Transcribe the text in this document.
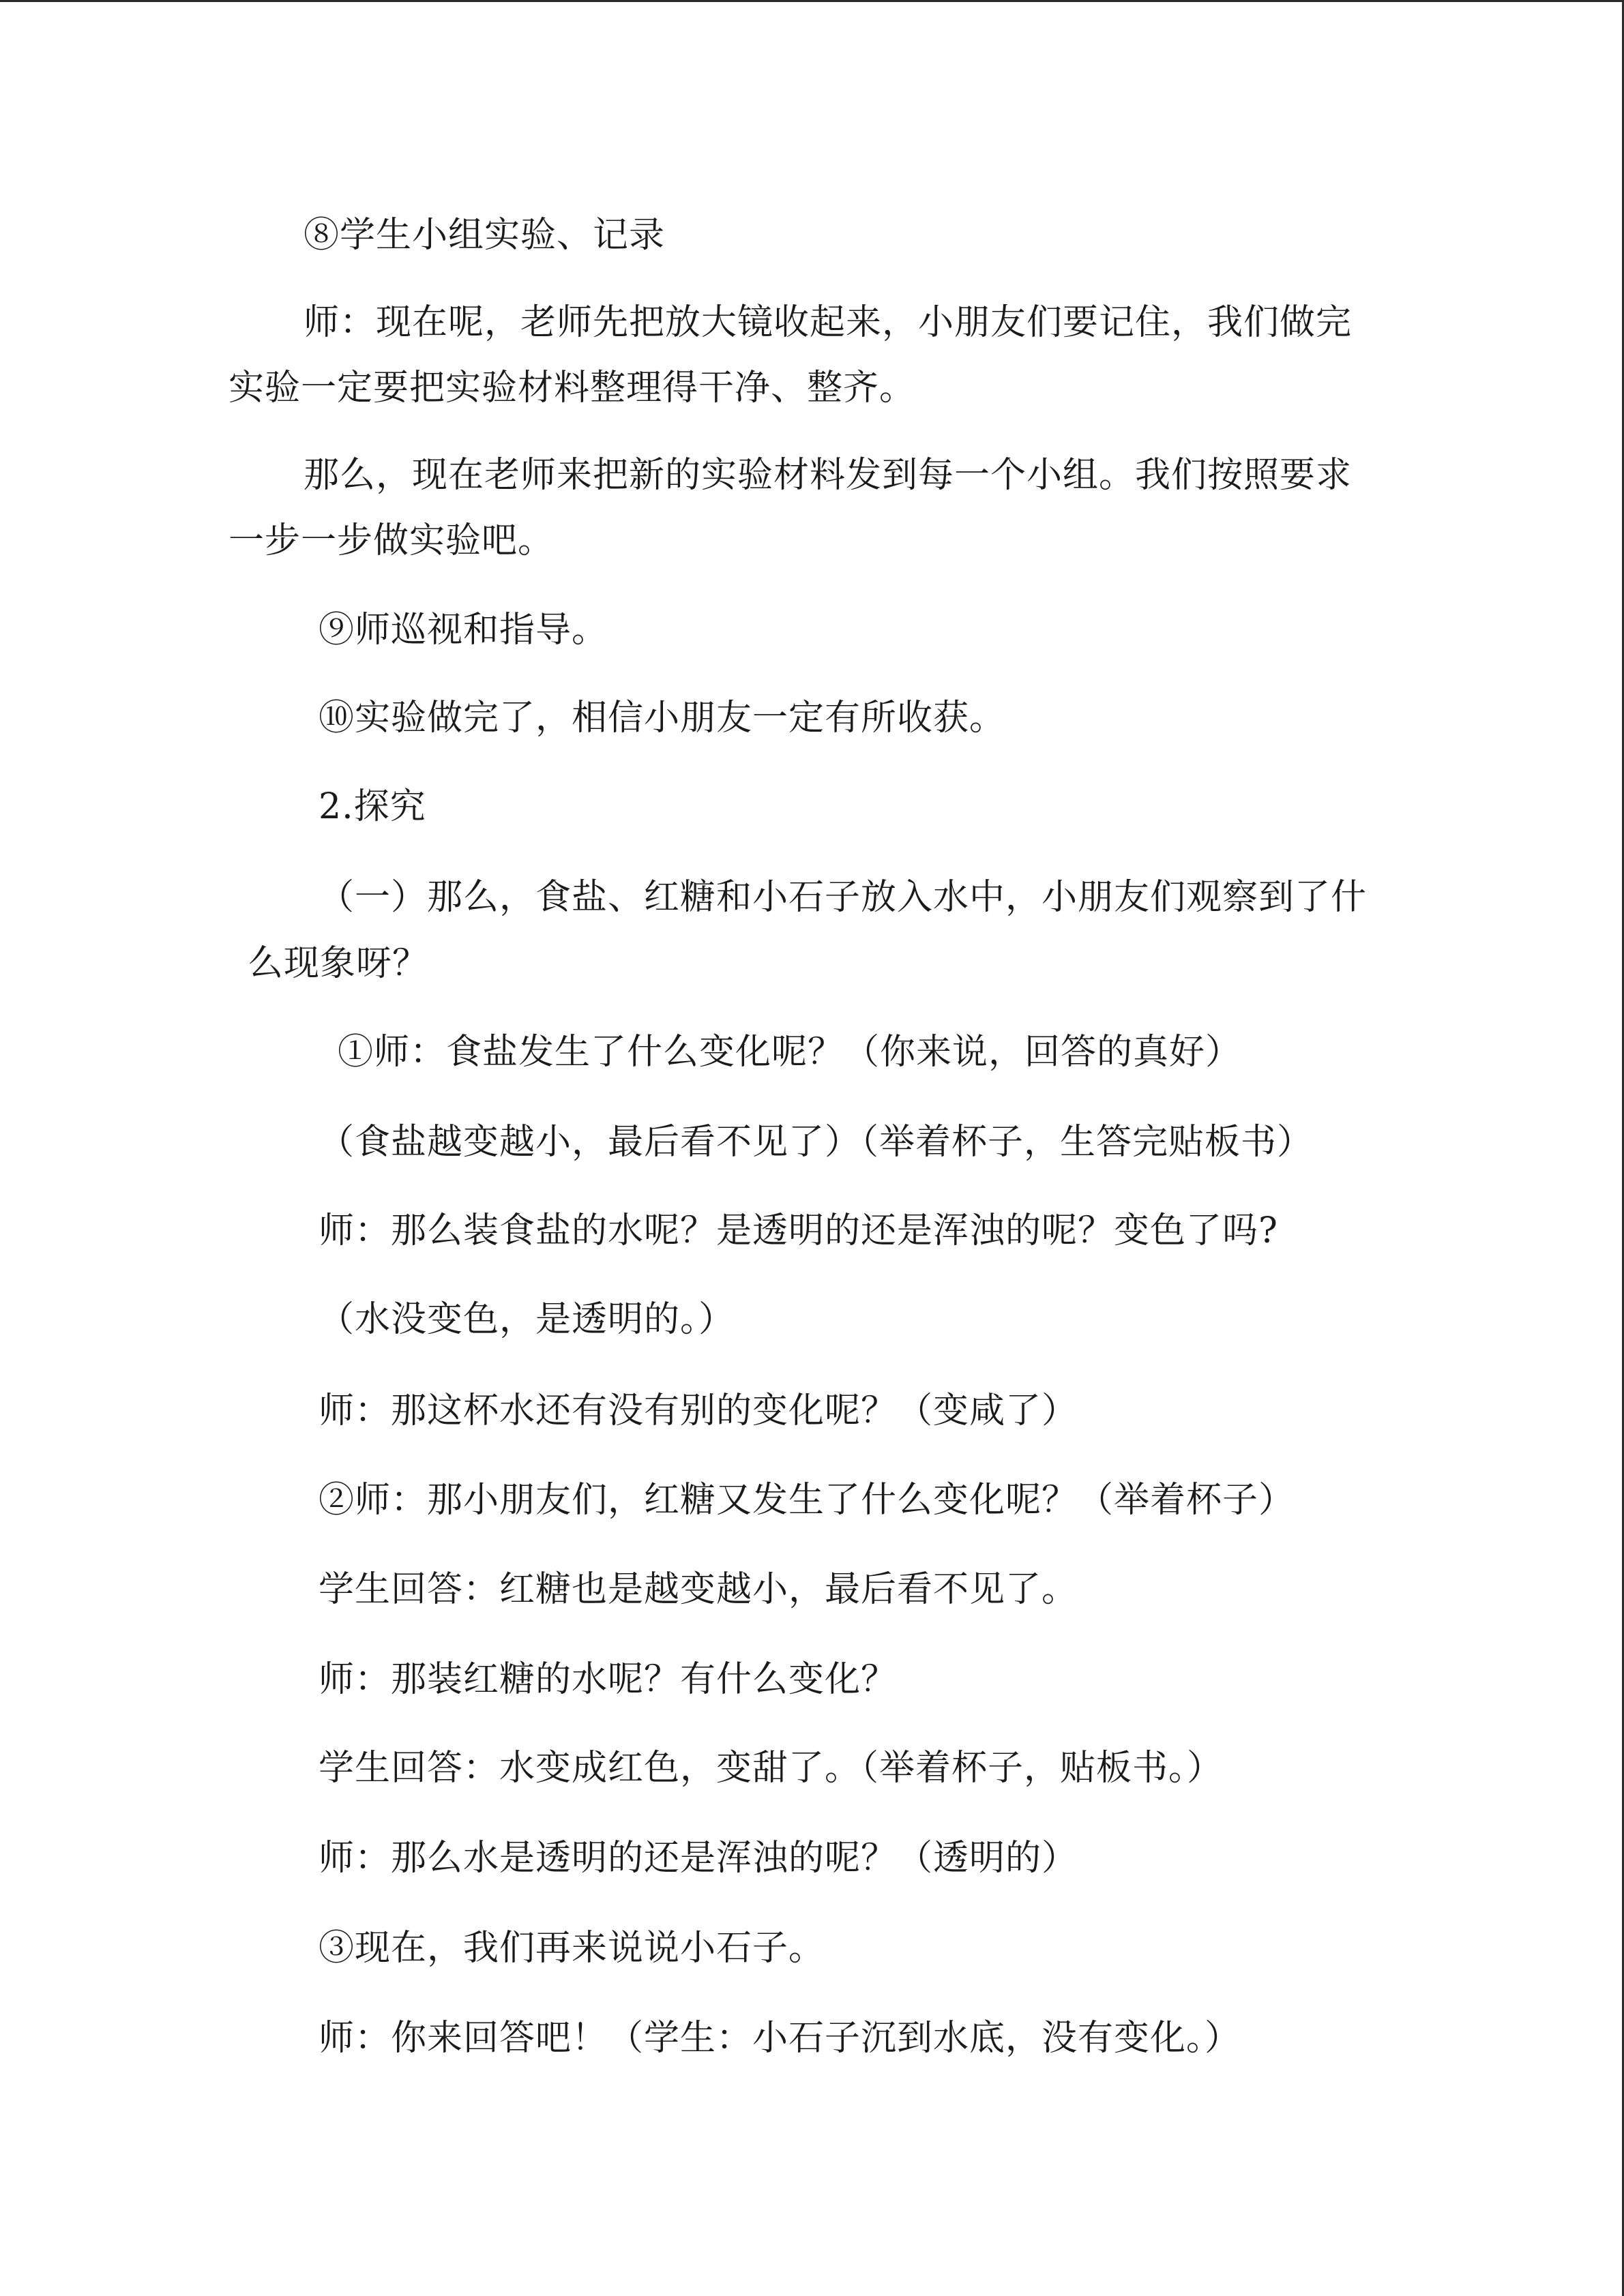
⑧学生小组实验、记录
师：现在呢，老师先把放大镜收起来，小朋友们要记住，我们做完
实验一定要把实验材料整理得干净、整齐。
那么，现在老师来把新的实验材料发到每一个小组。我们按照要求
一步一步做实验吧。
⑨师巡视和指导。
⑩实验做完了，相信小朋友一定有所收获。
2.探究
（一）那么，食盐、红糖和小石子放入水中，小朋友们观察到了什
么现象呀？
①师：食盐发生了什么变化呢？（你来说，回答的真好）
（食盐越变越小，最后看不见了）（举着杯子，生答完贴板书）
师：那么装食盐的水呢？是透明的还是浑浊的呢？变色了吗?
（水没变色，是透明的。）
师：那这杯水还有没有别的变化呢？（变咸了）
②师：那小朋友们，红糖又发生了什么变化呢？（举着杯子）
学生回答：红糖也是越变越小，最后看不见了。
师：那装红糖的水呢？有什么变化？
学生回答：水变成红色，变甜了。（举着杯子，贴板书。）
师：那么水是透明的还是浑浊的呢？（透明的）
③现在，我们再来说说小石子。
师：你来回答吧！（学生：小石子沉到水底，没有变化。）
